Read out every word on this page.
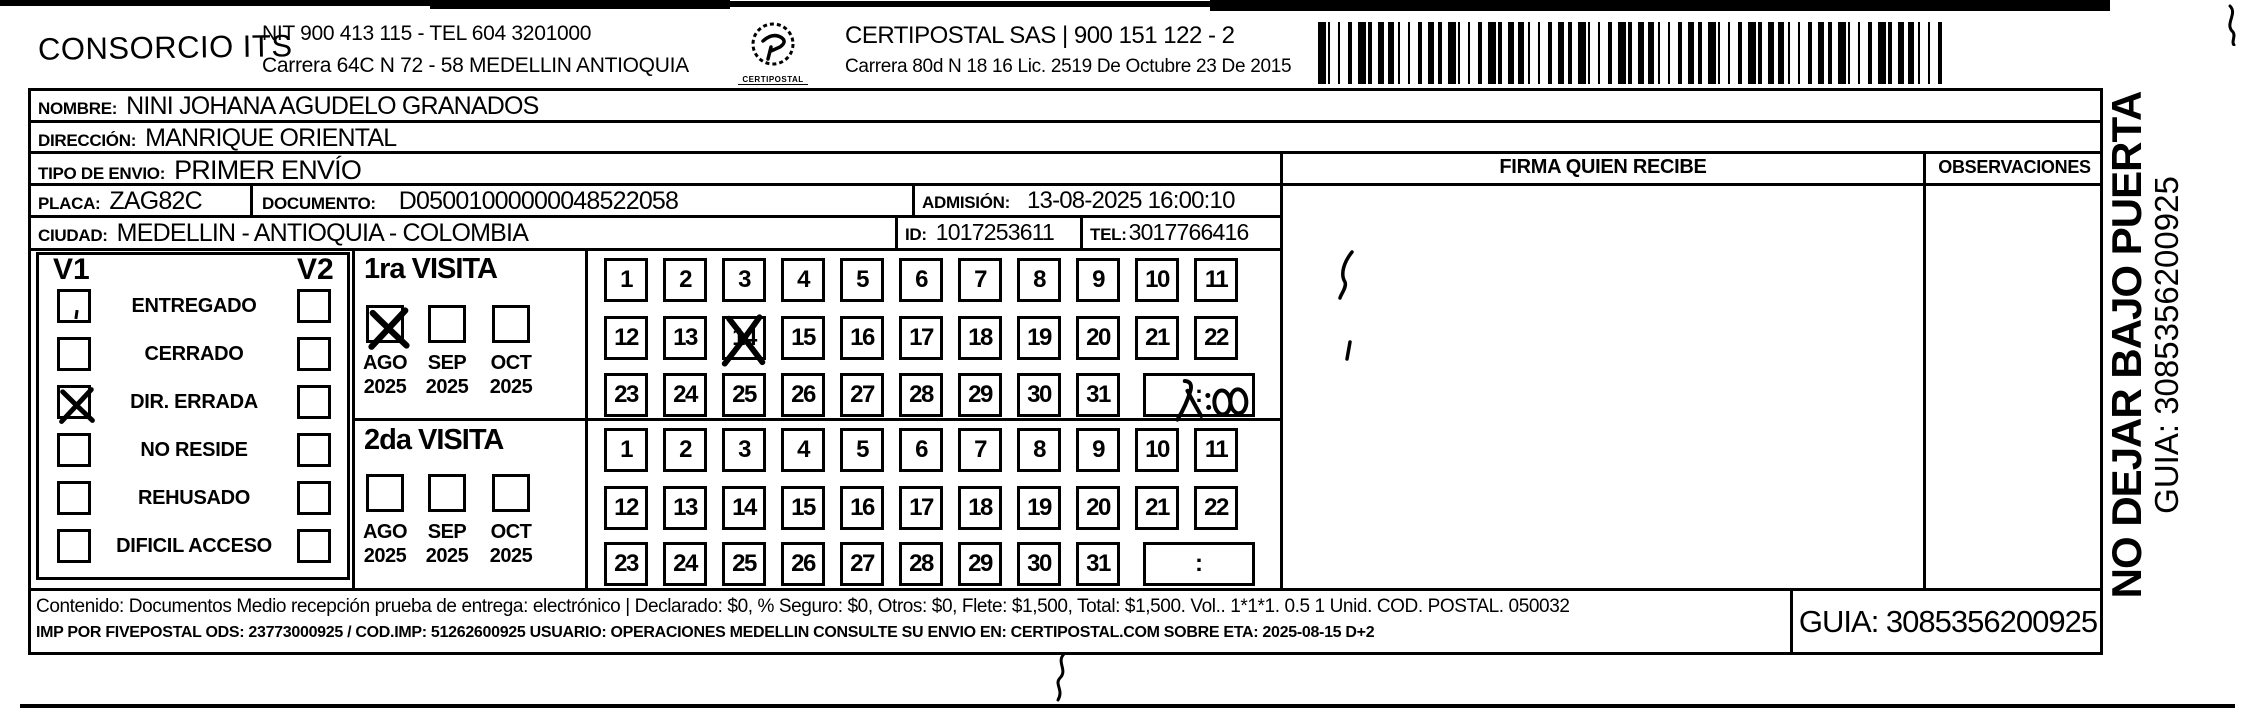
CONSORCIO ITS
NIT 900 413 115 - TEL 604 3201000
Carrera 64C N 72 - 58 MEDELLIN ANTIOQUIA
CERTIPOSTAL
CERTIPOSTAL SAS | 900 151 122 - 2
Carrera 80d N 18 16 Lic. 2519 De Octubre 23 De 2015
NOMBRE: NINI JOHANA AGUDELO GRANADOS
DIRECCIÓN: MANRIQUE ORIENTAL
TIPO DE ENVIO: PRIMER ENVÍO
PLACA: ZAG82C	DOCUMENTO: D05001000000048522058	ADMISIÓN: 13-08-2025 16:00:10
CIUDAD: MEDELLIN - ANTIOQUIA - COLOMBIA	ID: 1017253611 TEL: 3017766416
FIRMA QUIEN RECIBE	OBSERVACIONES
V1	V2
ENTREGADO
CERRADO
DIR. ERRADA
NO RESIDE
REHUSADO
DIFICIL ACCESO
1ra VISITA
AGO
2025
SEP
2025
OCT
2025
1 2 3 4 5 6 7 8 9 10 11
12 13 14 15 16 17 18 19 20 21 22
23 24 25 26 27 28 29 30 31	:
2da VISITA
AGO
2025
SEP
2025
OCT
2025
1 2 3 4 5 6 7 8 9 10 11
12 13 14 15 16 17 18 19 20 21 22
23 24 25 26 27 28 29 30 31	:
Contenido: Documentos Medio recepción prueba de entrega: electrónico | Declarado: $0, % Seguro: $0, Otros: $0, Flete: $1,500, Total: $1,500. Vol.. 1*1*1. 0.5 1 Unid. COD. POSTAL. 050032
IMP POR FIVEPOSTAL ODS: 23773000925 / COD.IMP: 51262600925 USUARIO: OPERACIONES MEDELLIN CONSULTE SU ENVIO EN: CERTIPOSTAL.COM SOBRE ETA: 2025-08-15 D+2	GUIA: 3085356200925
NO DEJAR BAJO PUERTA
GUIA: 3085356200925
